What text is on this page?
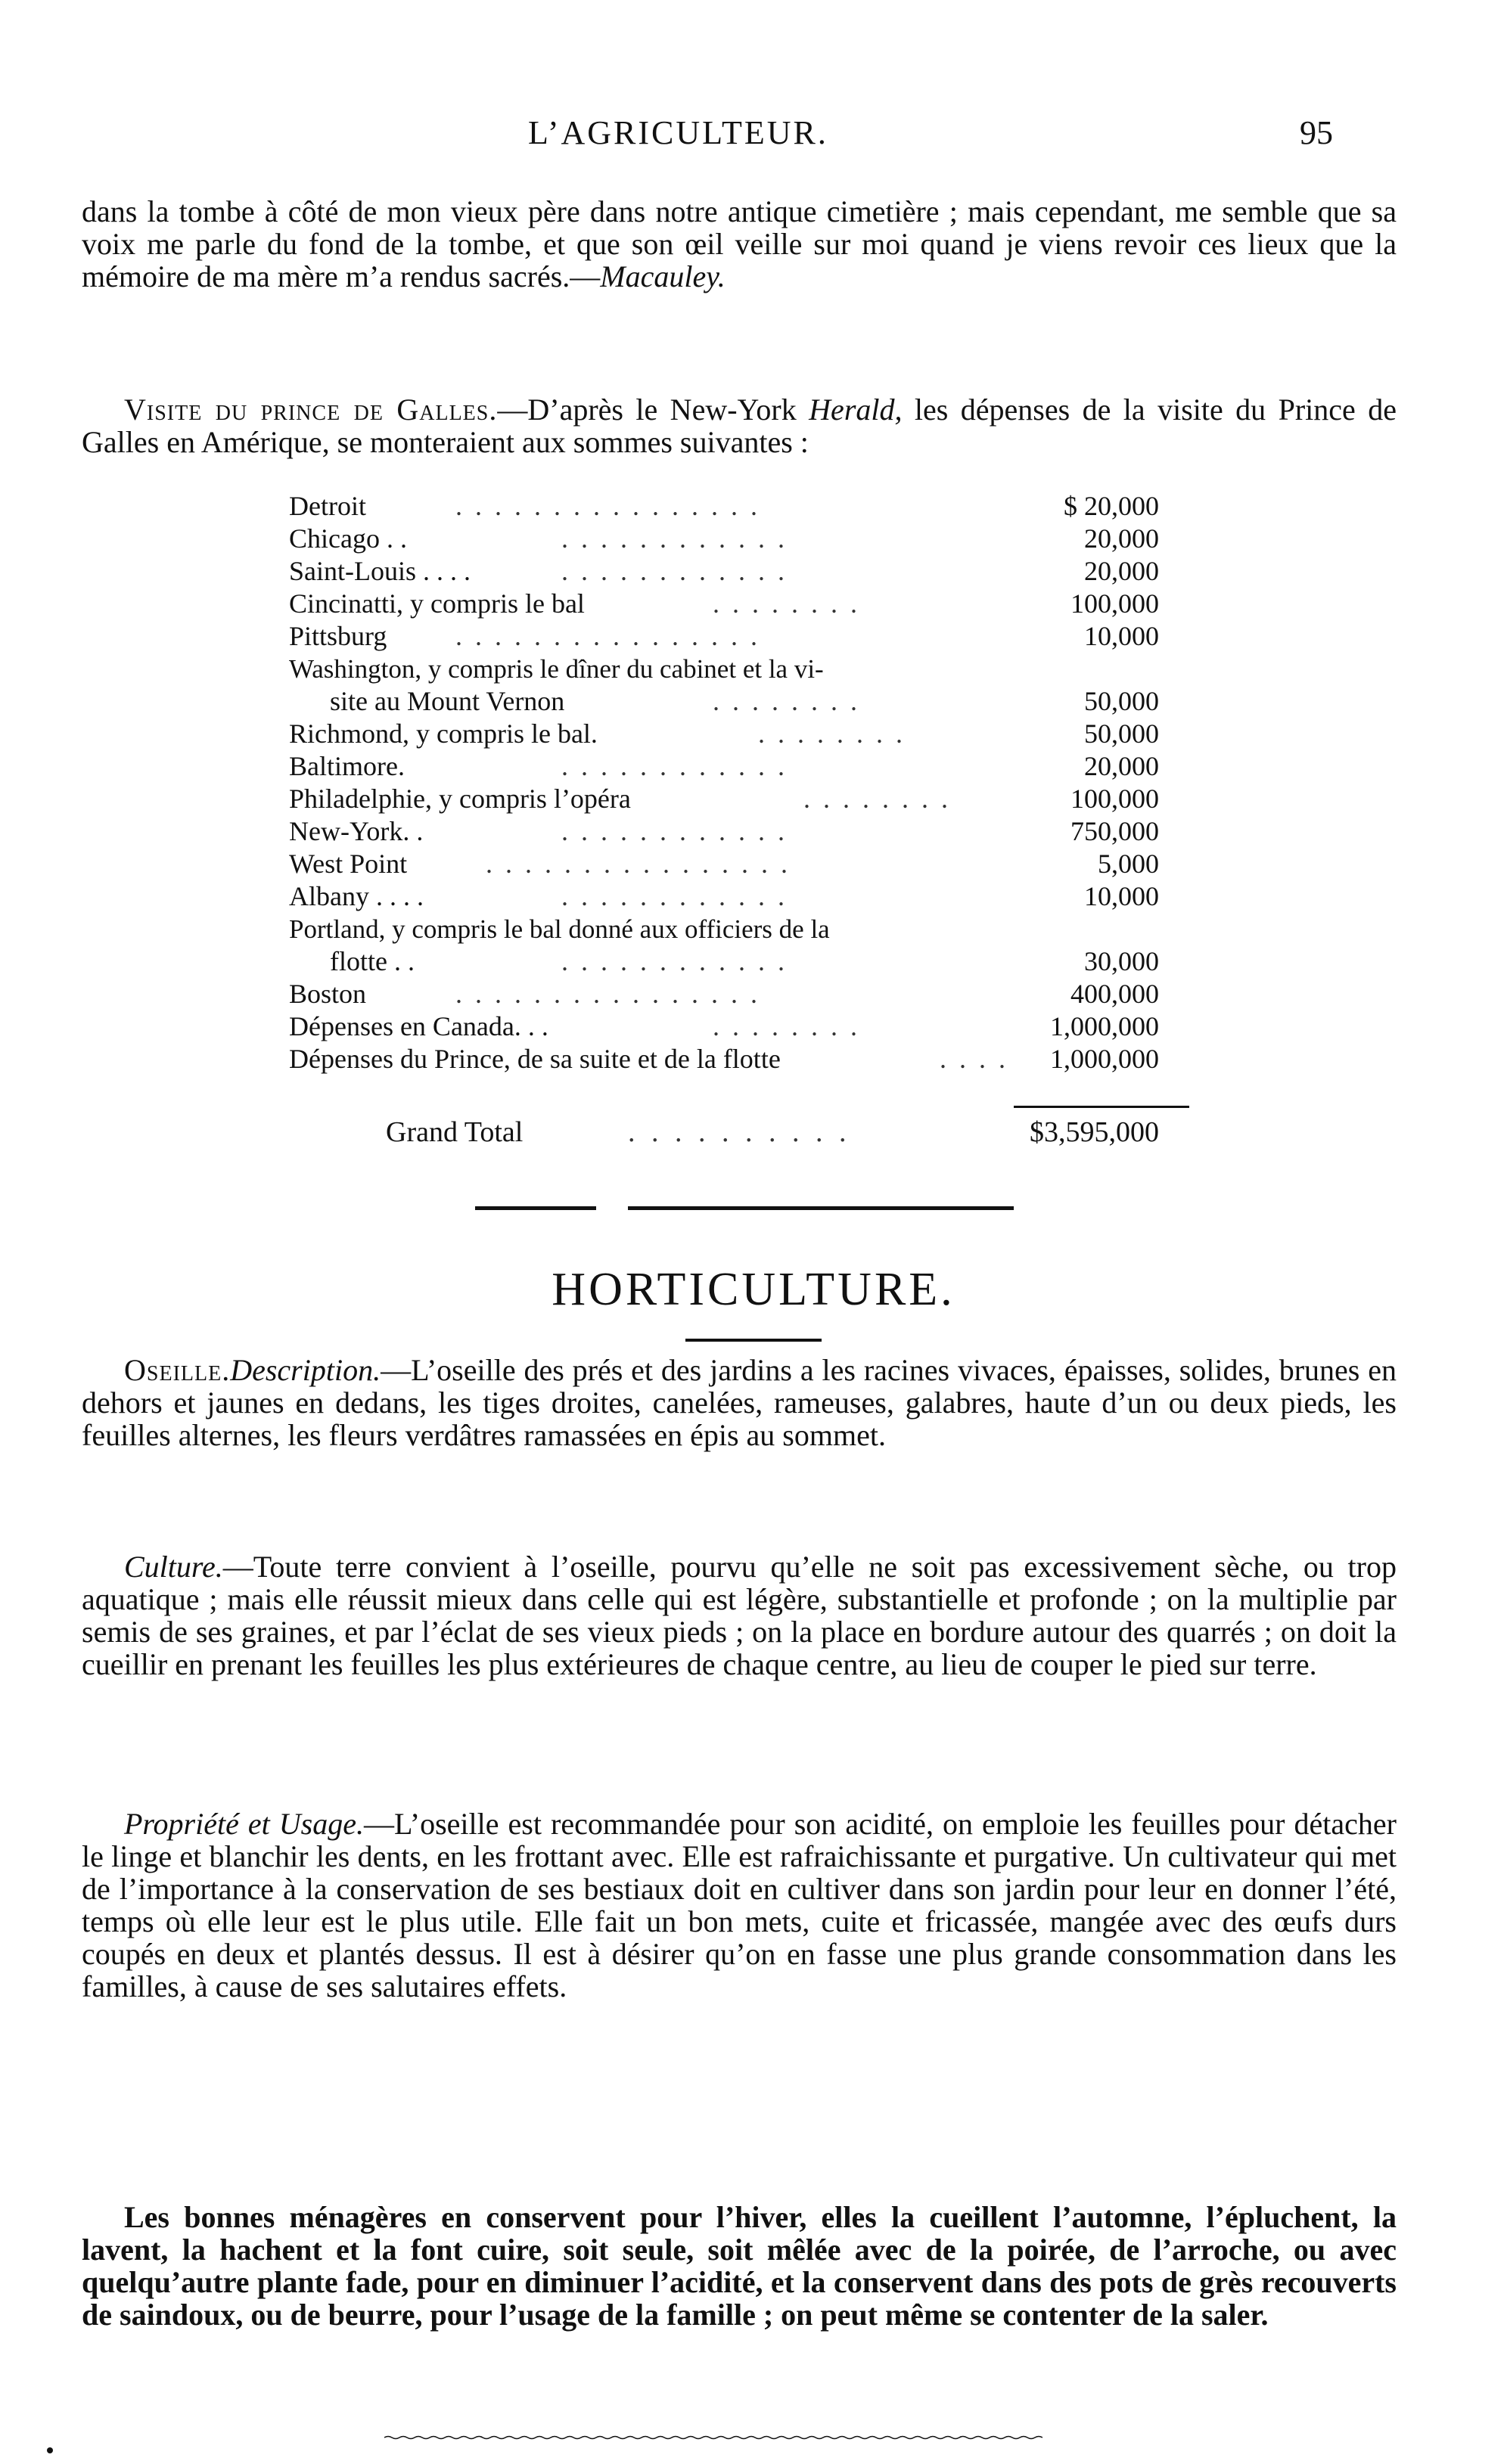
L’AGRICULTEUR.	95

dans la tombe à côté de mon vieux père dans notre antique cimetière ; mais cependant, me semble que sa voix me parle du fond de la tombe, et que son œil veille sur moi quand je viens revoir ces lieux que la mémoire de ma mère m’a rendus sacrés.—Macauley.

Visite du prince de Galles.—D’après le New-York Herald, les dépenses de la visite du Prince de Galles en Amérique, se monteraient aux sommes suivantes :

Detroit	. . . . . . . . . . . . . . . .	$ 20,000
Chicago . .	. . . . . . . . . . . .	20,000
Saint-Louis . . . .	. . . . . . . . . . . .	20,000
Cincinatti, y compris le bal	. . . . . . . .	100,000
Pittsburg	. . . . . . . . . . . . . . . .	10,000
Washington, y compris le dîner du cabinet et la vi-
site au Mount Vernon	. . . . . . . .	50,000
Richmond, y compris le bal.	. . . . . . . .	50,000
Baltimore.	. . . . . . . . . . . .	20,000
Philadelphie, y compris l’opéra	. . . . . . . .	100,000
New-York. .	. . . . . . . . . . . .	750,000
West Point	. . . . . . . . . . . . . . . .	5,000
Albany . . . .	. . . . . . . . . . . .	10,000
Portland, y compris le bal donné aux officiers de la
flotte . .	. . . . . . . . . . . .	30,000
Boston	. . . . . . . . . . . . . . . .	400,000
Dépenses en Canada. . .	. . . . . . . .	1,000,000
Dépenses du Prince, de sa suite et de la flotte	. . . . 1,000,000
Grand Total	. . . . . . . . . .	$3,595,000
HORTICULTURE.

Oseille.Description.—L’oseille des prés et des jardins a les racines vivaces, épaisses, solides, brunes en dehors et jaunes en dedans, les tiges droites, canelées, rameuses, galabres, haute d’un ou deux pieds, les feuilles alternes, les fleurs verdâtres ramassées en épis au sommet.

Culture.—Toute terre convient à l’oseille, pourvu qu’elle ne soit pas excessivement sèche, ou trop aquatique ; mais elle réussit mieux dans celle qui est légère, substantielle et profonde ; on la multiplie par semis de ses graines, et par l’éclat de ses vieux pieds ; on la place en bordure autour des quarrés ; on doit la cueillir en prenant les feuilles les plus extérieures de chaque centre, au lieu de couper le pied sur terre.

Propriété et Usage.—L’oseille est recommandée pour son acidité, on emploie les feuilles pour détacher le linge et blanchir les dents, en les frottant avec. Elle est rafraichissante et purgative. Un cultivateur qui met de l’importance à la conservation de ses bestiaux doit en cultiver dans son jardin pour leur en donner l’été, temps où elle leur est le plus utile. Elle fait un bon mets, cuite et fricassée, mangée avec des œufs durs coupés en deux et plantés dessus. Il est à désirer qu’on en fasse une plus grande consommation dans les familles, à cause de ses salutaires effets.

Les bonnes ménagères en conservent pour l’hiver, elles la cueillent l’automne, l’épluchent, la lavent, la hachent et la font cuire, soit seule, soit mêlée avec de la poirée, de l’arroche, ou avec quelqu’autre plante fade, pour en diminuer l’acidité, et la conservent dans des pots de grès recouverts de saindoux, ou de beurre, pour l’usage de la famille ; on peut même se contenter de la saler.
